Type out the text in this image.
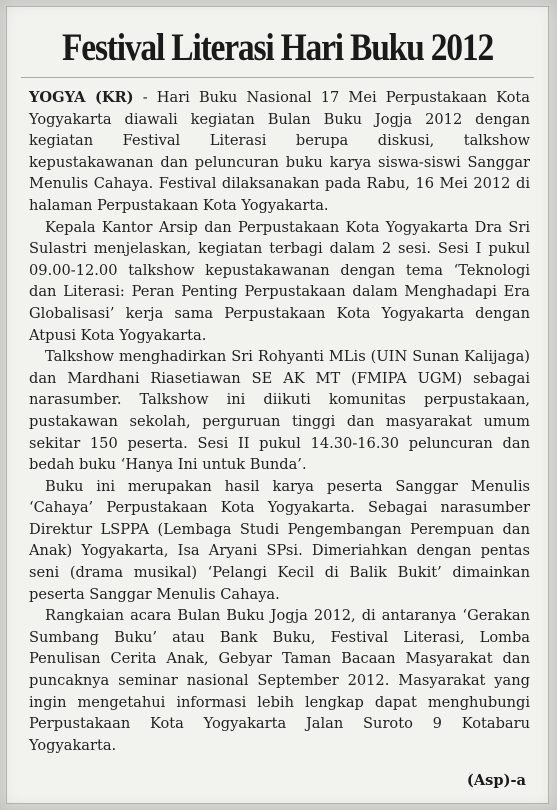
Festival Literasi Hari Buku 2012

YOGYA (KR) - Hari Buku Nasional 17 Mei Perpustakaan Kota Yogyakarta diawali kegiatan Bulan Buku Jogja 2012 dengan kegiatan Festival Literasi berupa diskusi, talkshow kepustakawanan dan peluncuran buku karya siswa-siswi Sanggar Menulis Cahaya. Festival dilaksanakan pada Rabu, 16 Mei 2012 di halaman Perpustakaan Kota Yogyakarta.

Kepala Kantor Arsip dan Perpustakaan Kota Yogyakarta Dra Sri Sulastri menjelaskan, kegiatan terbagi dalam 2 sesi. Sesi I pukul 09.00-12.00 talkshow kepustakawanan dengan tema ‘Teknologi dan Literasi: Peran Penting Perpustakaan dalam Menghadapi Era Globalisasi’ kerja sama Perpustakaan Kota Yogyakarta dengan Atpusi Kota Yogyakarta.

Talkshow menghadirkan Sri Rohyanti MLis (UIN Sunan Kalijaga) dan Mardhani Riasetiawan SE AK MT (FMIPA UGM) sebagai narasumber. Talkshow ini diikuti komunitas perpustakaan, pustakawan sekolah, perguruan tinggi dan masyarakat umum sekitar 150 peserta. Sesi II pukul 14.30-16.30 peluncuran dan bedah buku ‘Hanya Ini untuk Bunda’.

Buku ini merupakan hasil karya peserta Sanggar Menulis ‘Cahaya’ Perpustakaan Kota Yogyakarta. Sebagai narasumber Direktur LSPPA (Lembaga Studi Pengembangan Perempuan dan Anak) Yogyakarta, Isa Aryani SPsi. Dimeriahkan dengan pentas seni (drama musikal) ‘Pelangi Kecil di Balik Bukit’ dimainkan peserta Sanggar Menulis Cahaya.

Rangkaian acara Bulan Buku Jogja 2012, di antaranya ‘Gerakan Sumbang Buku’ atau Bank Buku, Festival Literasi, Lomba Penulisan Cerita Anak, Gebyar Taman Bacaan Masyarakat dan puncaknya seminar nasional September 2012. Masyarakat yang ingin mengetahui informasi lebih lengkap dapat menghubungi Perpustakaan Kota Yogyakarta Jalan Suroto 9 Kotabaru Yogyakarta.

(Asp)-a
